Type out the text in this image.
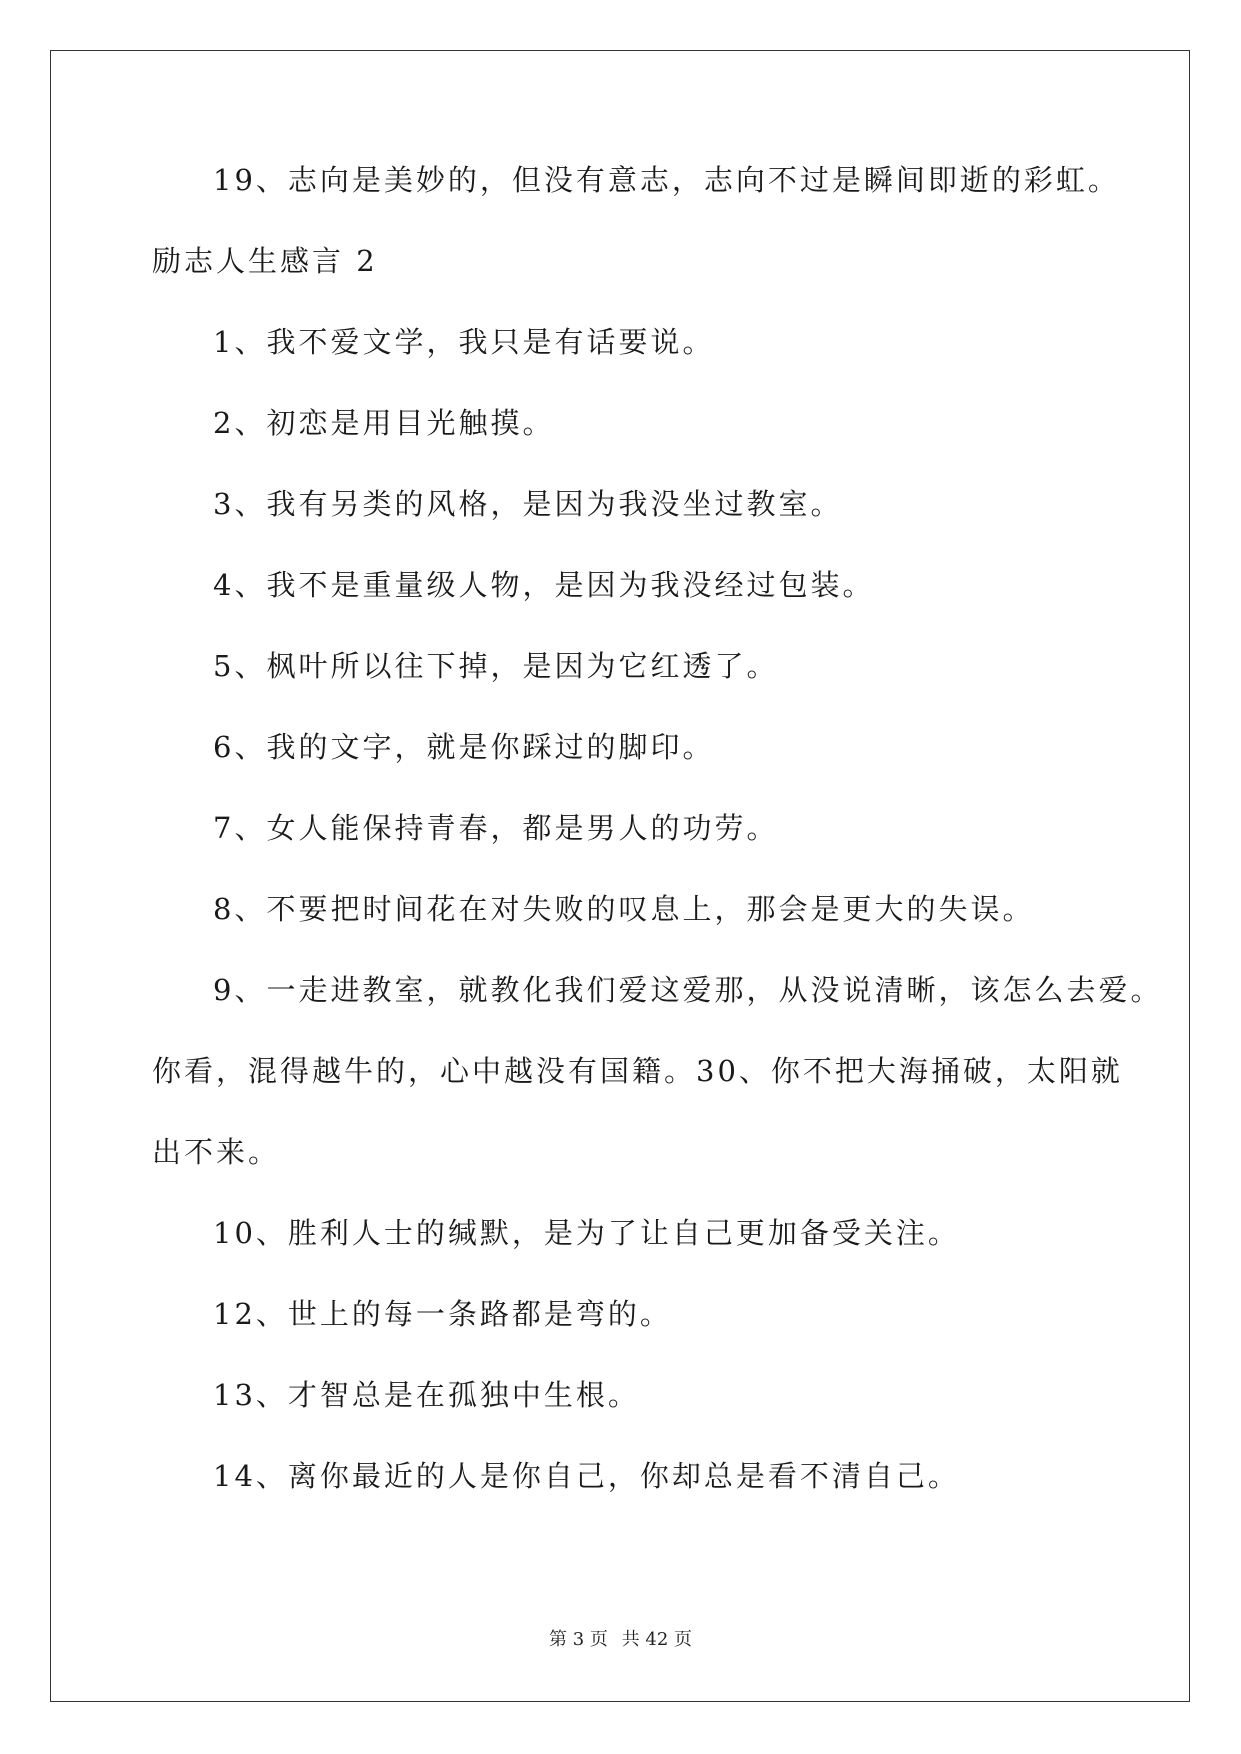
19、志向是美妙的，但没有意志，志向不过是瞬间即逝的彩虹。
励志人生感言 2
1、我不爱文学，我只是有话要说。
2、初恋是用目光触摸。
3、我有另类的风格，是因为我没坐过教室。
4、我不是重量级人物，是因为我没经过包装。
5、枫叶所以往下掉，是因为它红透了。
6、我的文字，就是你踩过的脚印。
7、女人能保持青春，都是男人的功劳。
8、不要把时间花在对失败的叹息上，那会是更大的失误。
9、一走进教室，就教化我们爱这爱那，从没说清晰，该怎么去爱。
你看，混得越牛的，心中越没有国籍。30、你不把大海捅破，太阳就
出不来。
10、胜利人士的缄默，是为了让自己更加备受关注。
12、世上的每一条路都是弯的。
13、才智总是在孤独中生根。
14、离你最近的人是你自己，你却总是看不清自己。
第 3 页 共 42 页
